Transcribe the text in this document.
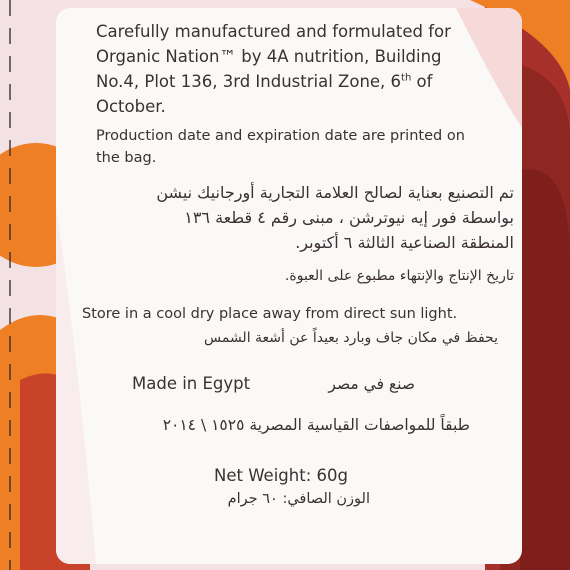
Carefully manufactured and formulated for
Organic Nation™ by 4A nutrition, Building
No.4, Plot 136, 3rd Industrial Zone, 6th of
October.
Production date and expiration date are printed on
the bag.
تم التصنيع بعناية لصالح العلامة التجارية أورجانيك نيشن
بواسطة فور إيه نيوترشن ، مبنى رقم ٤ قطعة ١٣٦
المنطقة الصناعية الثالثة ٦ أكتوبر.
تاريخ الإنتاج والإنتهاء مطبوع على العبوة.
Store in a cool dry place away from direct sun light.
يحفظ في مكان جاف وبارد بعيداً عن أشعة الشمس
Made in Egypt	صنع في مصر
طبقاً للمواصفات القياسية المصرية ١٥٢٥ \ ٢٠١٤
Net Weight: 60g
الوزن الصافي: ٦٠ جرام
